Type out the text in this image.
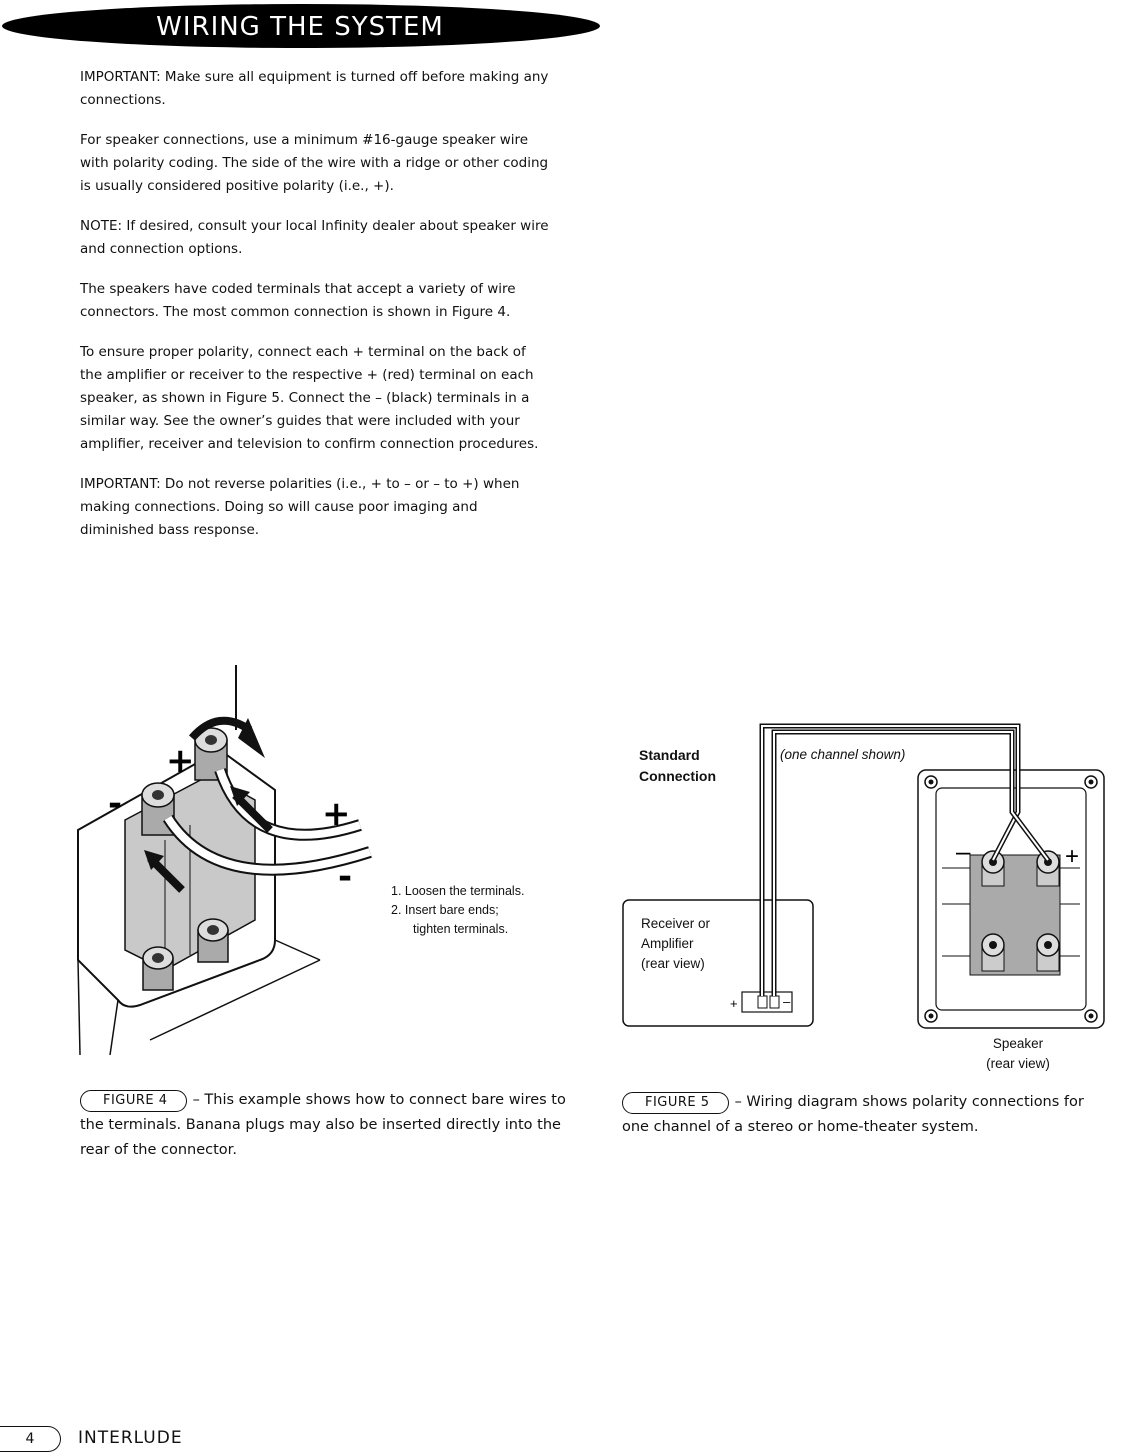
WIRING THE SYSTEM

IMPORTANT: Make sure all equipment is turned off before making any connections.

For speaker connections, use a minimum #16-gauge speaker wire with polarity coding. The side of the wire with a ridge or other coding is usually considered positive polarity (i.e., +).

NOTE: If desired, consult your local Infinity dealer about speaker wire and connection options.

The speakers have coded terminals that accept a variety of wire connectors. The most common connection is shown in Figure 4.

To ensure proper polarity, connect each + terminal on the back of the amplifier or receiver to the respective + (red) terminal on each speaker, as shown in Figure 5. Connect the – (black) terminals in a similar way. See the owner’s guides that were included with your amplifier, receiver and television to confirm connection procedures.

IMPORTANT: Do not reverse polarities (i.e., + to – or – to +) when making connections. Doing so will cause poor imaging and diminished bass response.

+
-	+
-	1. Loosen the terminals.
2. Insert bare ends;
tighten terminals.
FIGURE 4 – This example shows how to connect bare wires to the terminals. Banana plugs may also be inserted directly into the rear of the connector.
+	–
–	+
Standard
Connection
(one channel shown)
Receiver or
Amplifier
(rear view)
Speaker
(rear view)
FIGURE 5 – Wiring diagram shows polarity connections for one channel of a stereo or home-theater system.
4	INTERLUDE
